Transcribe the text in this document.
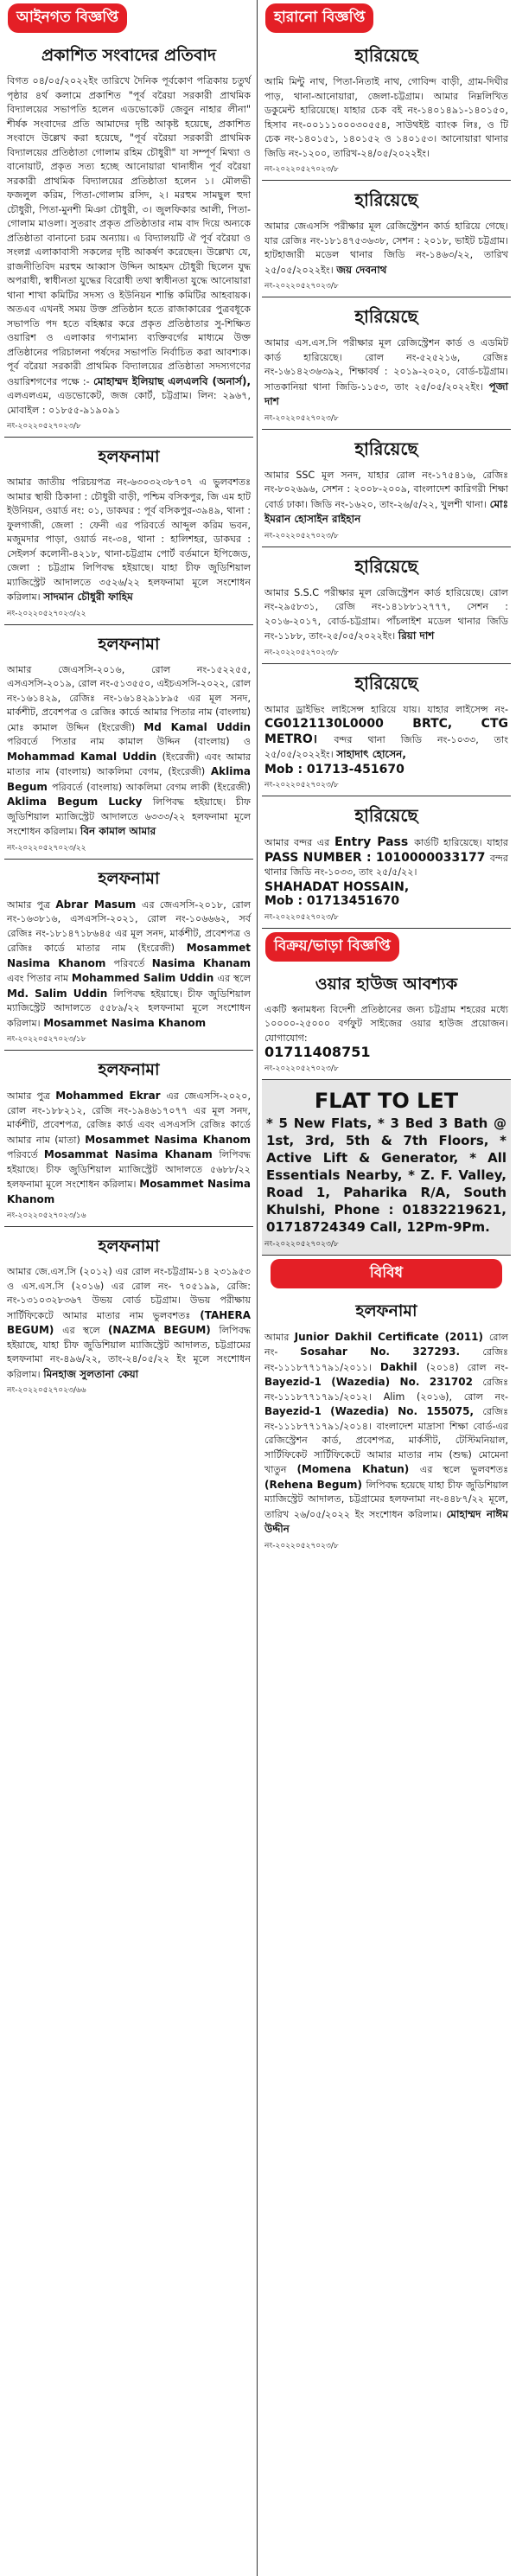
আইনগত বিজ্ঞপ্তি
প্রকাশিত সংবাদের প্রতিবাদ
বিগত ০৪/০৫/২০২২ইং তারিখে দৈনিক পূর্বকোণ পত্রিকায় চতুর্থ পৃষ্ঠার ৪র্থ কলামে প্রকাশিত "পূর্ব বরৈয়া সরকারী প্রাথমিক বিদ্যালয়ের সভাপতি হলেন এডভোকেট জেবুন নাহার লীনা" শীর্ষক সংবাদের প্রতি আমাদের দৃষ্টি আকৃষ্ট হয়েছে, প্রকাশিত সংবাদে উল্লেখ করা হয়েছে, "পূর্ব বরৈয়া সরকারী প্রাথমিক বিদ্যালয়ের প্রতিষ্ঠাতা গোলাম রহিম চৌধুরী" যা সম্পূর্ণ মিথ্যা ও বানোয়াট, প্রকৃত সত্য হচ্ছে আনোয়ারা থানাধীন পূর্ব বরৈয়া সরকারী প্রাথমিক বিদ্যালয়ের প্রতিষ্ঠাতা হলেন ১। মৌলভী ফজলুল করিম, পিতা-গোলাম রসিদ, ২। মরহুম সামছুল হুদা চৌধুরী, পিতা-মুনশী মিঞা চৌধুরী, ৩। জুলফিকার আলী, পিতা-গোলাম মাওলা। সুতরাং প্রকৃত প্রতিষ্ঠাতার নাম বাদ দিয়ে অন্যকে প্রতিষ্ঠাতা বানানো চরম অন্যায়। এ বিদ্যালয়টি ঐ পূর্ব বরৈয়া ও সংলগ্ন এলাকাবাসী সকলের দৃষ্টি আকর্ষণ করেছেন। উল্লেখ্য যে, রাজনীতিবিদ মরহুম আব্বাস উদ্দিন আহমদ চৌধুরী ছিলেন যুদ্ধ অপরাধী, স্বাধীনতা যুদ্ধের বিরোধী তথা স্বাধীনতা যুদ্ধে আনোয়ারা থানা শাখা কমিটির সদস্য ও ইউনিয়ন শান্তি কমিটির আহবায়ক। অতএব এখনই সময় উক্ত প্রতিষ্ঠান হতে রাজাকারের পুত্রবধূকে সভাপতি পদ হতে বহিষ্কার করে প্রকৃত প্রতিষ্ঠাতার সু-শিক্ষিত ওয়ারিশ ও এলাকার গণ্যমান্য ব্যক্তিবর্গের মাধ্যমে উক্ত প্রতিষ্ঠানের পরিচালনা পর্ষদের সভাপতি নির্বাচিত করা আবশ্যক। পূর্ব বরৈয়া সরকারী প্রাথমিক বিদ্যালয়ের প্রতিষ্ঠাতা সদস্যগণের ওয়ারিশগণের পক্ষে :- মোহাম্মদ ইলিয়াছ এলএলবি (অনার্স), এলএলএম, এডভোকেট, জজ কোর্ট, চট্টগ্রাম। লিন: ২৯৬৭, মোবাইল : ০১৮৫৫-৯১৯০৯১
নং-২০২২০৫২৭০২৩/৮
হলফনামা
আমার জাতীয় পরিচয়পত্র নং-৬৩০৩২৩৮৭০৭ এ ভুলবশতঃ আমার স্থায়ী ঠিকানা : চৌধুরী বাড়ী, পশ্চিম বসিকপুর, জি এম হাট ইউনিয়ন, ওয়ার্ড নং: ০১, ডাকঘর : পূর্ব বসিকপুর-৩৯৪৯, থানা : ফুলগাজী, জেলা : ফেনী এর পরিবর্তে আব্দুল করিম ভবন, মজুমদার পাড়া, ওয়ার্ড নং-৩৪, থানা : হালিশহর, ডাকঘর : সেইলর্স কলোনী-৪২১৮, থানা-চট্টগ্রাম পোর্ট বর্তমানে ইপিজেড, জেলা : চট্টগ্রাম লিপিবদ্ধ হইয়াছে। যাহা চীফ জুডিশিয়াল ম্যাজিস্ট্রেট আদালতে ৩৫২৬/২২ হলফনামা মূলে সংশোধন করিলাম। সাদমান চৌধুরী ফাহিম
নং-২০২২০৫২৭০২৩/২২
হলফনামা
আমার জেএসসি-২০১৬, রোল নং-১৫২২৫৫, এসএসসি-২০১৯, রোল নং-৫১৩৫৫০, এইচএসসি-২০২২, রোল নং-১৬১৪২৯, রেজিঃ নং-১৬১৪২৯১৮৯৫ এর মূল সনদ, মার্কশীট, প্রবেশপত্র ও রেজিঃ কার্ডে আমার পিতার নাম (বাংলায়) মোঃ কামাল উদ্দিন (ইংরেজী) Md Kamal Uddin পরিবর্তে পিতার নাম কামাল উদ্দিন (বাংলায়) ও Mohammad Kamal Uddin (ইংরেজী) এবং আমার মাতার নাম (বাংলায়) আকলিমা বেগম, (ইংরেজী) Aklima Begum পরিবর্তে (বাংলায়) আকলিমা বেগম লাকী (ইংরেজী) Aklima Begum Lucky লিপিবদ্ধ হইয়াছে। চীফ জুডিশিয়াল ম্যাজিস্ট্রেট আদালতে ৬৩৩৩/২২ হলফনামা মূলে সংশোধন করিলাম। বিন কামাল আমার
নং-২০২২০৫২৭০২৩/২২
হলফনামা
আমার পুত্র Abrar Masum এর জেএসসি-২০১৮, রোল নং-১৬৩৮১৬, এসএসসি-২০২১, রোল নং-১০৬৬৬২, সর্ব রেজিঃ নং-১৮১৪৭১৮৬৪৫ এর মূল সনদ, মার্কশীট, প্রবেশপত্র ও রেজিঃ কার্ডে মাতার নাম (ইংরেজী) Mosammet Nasima Khanom পরিবর্তে Nasima Khanam এবং পিতার নাম Mohammed Salim Uddin এর স্থলে Md. Salim Uddin লিপিবদ্ধ হইয়াছে। চীফ জুডিশিয়াল ম্যাজিস্ট্রেট আদালতে ৫৫৮৯/২২ হলফনামা মূলে সংশোধন করিলাম। Mosammet Nasima Khanom
নং-২০২২০৫২৭০২৩/১৮
হলফনামা
আমার পুত্র Mohammed Ekrar এর জেএসসি-২০২০, রোল নং-১৮৮২১২, রেজি নং-১৯৪৬১৭০৭৭ এর মূল সনদ, মার্কশীট, প্রবেশপত্র, রেজিঃ কার্ড এবং এসএসসি রেজিঃ কার্ডে আমার নাম (মাতা) Mosammet Nasima Khanom পরিবর্তে Mosammat Nasima Khanam লিপিবদ্ধ হইয়াছে। চীফ জুডিশিয়াল ম্যাজিস্ট্রেট আদালতে ৫৬৮৮/২২ হলফনামা মূলে সংশোধন করিলাম। Mosammet Nasima Khanom
নং-২০২২০৫২৭০২৩/১৬
হলফনামা
আমার জে.এস.সি (২০১২) এর রোল নং-চট্টগ্রাম-১৪ ২৩১৯৫৩ ও এস.এস.সি (২০১৬) এর রোল নং- ৭০৫১৯৯, রেজি: নং-১৩১০৩২৮৩৬৭ উভয় বোর্ড চট্টগ্রাম। উভয় পরীক্ষায় সার্টিফিকেটে আমার মাতার নাম ভুলবশতঃ (TAHERA BEGUM) এর স্থলে (NAZMA BEGUM) লিপিবদ্ধ হইয়াছে, যাহা চীফ জুডিশিয়াল ম্যাজিস্ট্রেট আদালত, চট্টগ্রামের হলফনামা নং-৪৯৬/২২, তাং-২৪/০৫/২২ ইং মূলে সংশোধন করিলাম। মিনহাজ সুলতানা কেয়া
নং-২০২২০৫২৭০২৩/৬৬
হারানো বিজ্ঞপ্তি
হারিয়েছে
আমি মিন্টু নাথ, পিতা-নিতাই নাথ, গোবিন্দ বাড়ী, গ্রাম-দিঘীর পাড়, থানা-আনোয়ারা, জেলা-চট্টগ্রাম। আমার নিম্নলিখিত ডকুমেন্ট হারিয়েছে। যাহার চেক বই নং-১৪০১৪৯১-১৪০১৫০, হিসাব নং-০০১১১০০০৩০৫৫৪, সাউথইষ্ট ব্যাংক লিঃ, ও টি চেক নং-১৪০১৫১, ১৪০১৫২ ও ১৪০১৫৩। আনোয়ারা থানার জিডি নং-১২০০, তারিখ-২৪/০৫/২০২২ইং।
নং-২০২২০৫২৭০২৩/৮
হারিয়েছে
আমার জেএসসি পরীক্ষার মূল রেজিস্ট্রেশন কার্ড হারিয়ে গেছে। যার রেজিঃ নং-১৮১৪৭৫৩৬৩৮, সেশন : ২০১৮, ভাইট চট্টগ্রাম। হাটহাজারী মডেল থানার জিডি নং-১৪৬৩/২২, তারিখ ২৫/০৫/২০২২ইং। জয় দেবনাথ
নং-২০২২০৫২৭০২৩/৮
হারিয়েছে
আমার এস.এস.সি পরীক্ষার মূল রেজিস্ট্রেশন কার্ড ও এডমিট কার্ড হারিয়েছে। রোল নং-৫২৫২১৬, রেজিঃ নং-১৬১৪২৩৬৩৯২, শিক্ষাবর্ষ : ২০১৯-২০২০, বোর্ড-চট্টগ্রাম। সাতকানিয়া থানা জিডি-১১৫৩, তাং ২৫/০৫/২০২২ইং। পূজা দাশ
নং-২০২২০৫২৭০২৩/৮
হারিয়েছে
আমার SSC মূল সনদ, যাহার রোল নং-১৭৫৪১৬, রেজিঃ নং-৮০২৬৯৬, সেশন : ২০০৮-২০০৯, বাংলাদেশ কারিগরী শিক্ষা বোর্ড ঢাকা। জিডি নং-১৬২০, তাং-২৬/৫/২২, খুলশী থানা। মোঃ ইমরান হোসাইন রাইহান
নং-২০২২০৫২৭০২৩/৮
হারিয়েছে
আমার S.S.C পরীক্ষার মূল রেজিস্ট্রেশন কার্ড হারিয়েছে। রোল নং-২৯৫৮৩১, রেজি নং-১৪১৮৮১২৭৭৭, সেশন : ২০১৬-২০১৭, বোর্ড-চট্টগ্রাম। পাঁচলাইশ মডেল থানার জিডি নং-১১৮৮, তাং-২৫/০৫/২০২২ইং। রিয়া দাশ
নং-২০২২০৫২৭০২৩/৮
হারিয়েছে
আমার ড্রাইভিং লাইসেন্স হারিয়ে যায়। যাহার লাইসেন্স নং- CG0121130L0000 BRTC, CTG METRO। বন্দর থানা জিডি নং-১০৩৩, তাং ২৫/০৫/২০২২ইং। সাহাদাৎ হোসেন,
Mob : 01713-451670
নং-২০২২০৫২৭০২৩/৮
হারিয়েছে
আমার বন্দর এর Entry Pass কার্ডটি হারিয়েছে। যাহার PASS NUMBER : 1010000033177 বন্দর থানার জিডি নং-১০৩৩, তাং ২৫/৫/২২।
SHAHADAT HOSSAIN,
Mob : 01713451670
নং-২০২২০৫২৭০২৩/৮
বিক্রয়/ভাড়া বিজ্ঞপ্তি
ওয়ার হাউজ আবশ্যক
একটি স্বনামধন্য বিদেশী প্রতিষ্ঠানের জন্য চট্টগ্রাম শহরের মধ্যে ১০০০০-২৫০০০ বর্গফুট সাইজের ওয়ার হাউজ প্রয়োজন। যোগাযোগ:
01711408751
নং-২০২২০৫২৭০২৩/৮
FLAT TO LET
* 5 New Flats, * 3 Bed 3 Bath @ 1st, 3rd, 5th & 7th Floors, * Active Lift & Generator, * All Essentials Nearby, * Z. F. Valley, Road 1, Paharika R/A, South Khulshi, Phone : 01832219621, 01718724349 Call, 12Pm-9Pm.
নং-২০২২০৫২৭০২৩/৮
বিবিধ
হলফনামা
আমার Junior Dakhil Certificate (2011) রোল নং- Sosahar No. 327293. রেজিঃ নং-১১১৮৭৭১৭৯১/২০১১। Dakhil (২০১৪) রোল নং- Bayezid-1 (Wazedia) No. 231702 রেজিঃ নং-১১১৮৭৭১৭৯১/২০১২। Alim (২০১৬), রোল নং- Bayezid-1 (Wazedia) No. 155075, রেজিঃ নং-১১১৮৭৭১৭৯১/২০১৪। বাংলাদেশ মাদ্রাসা শিক্ষা বোর্ড-এর রেজিস্ট্রেশন কার্ড, প্রবেশপত্র, মার্কসীট, টেস্টিমনিয়াল, সার্টিফিকেট সার্টিফিকেটে আমার মাতার নাম (শুদ্ধ) মোমেনা খাতুন (Momena Khatun) এর স্থলে ভুলবশতঃ (Rehena Begum) লিপিবদ্ধ হয়েছে যাহা চীফ জুডিশিয়াল ম্যাজিস্ট্রেট আদালত, চট্টগ্রামের হলফনামা নং-৪৪৮৭/২২ মূলে, তারিখ ২৬/০৫/২০২২ ইং সংশোধন করিলাম। মোহাম্মদ নাঈম উদ্দীন
নং-২০২২০৫২৭০২৩/৮
